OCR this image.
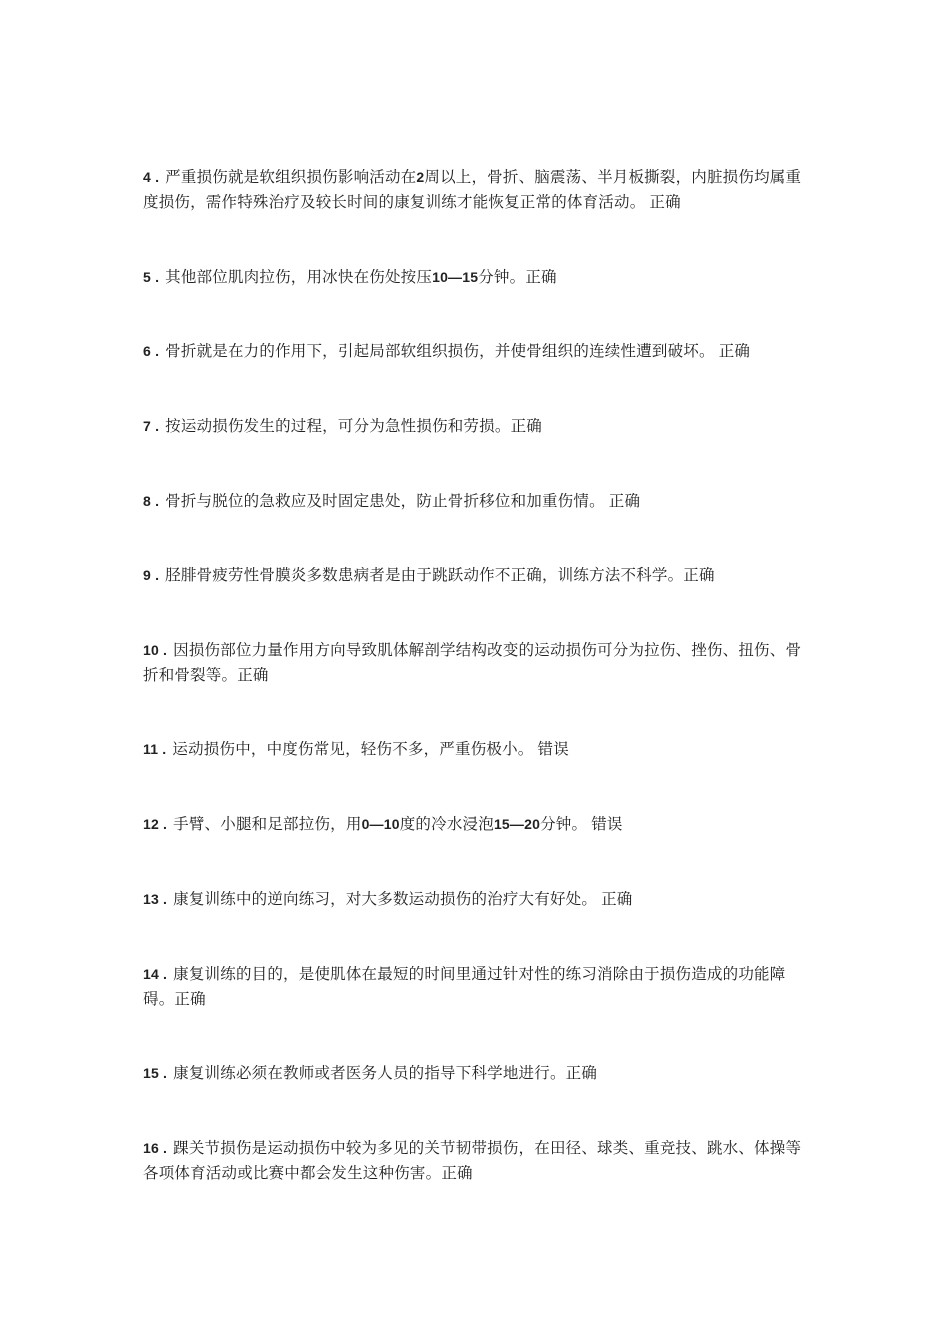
4 . 严重损伤就是软组织损伤影响活动在2周以上，骨折、脑震荡、半月板撕裂，内脏损伤均属重度损伤，需作特殊治疗及较长时间的康复训练才能恢复正常的体育活动。 正确
5 . 其他部位肌肉拉伤，用冰快在伤处按压10—15分钟。正确
6 . 骨折就是在力的作用下，引起局部软组织损伤，并使骨组织的连续性遭到破坏。 正确
7 . 按运动损伤发生的过程，可分为急性损伤和劳损。正确
8 . 骨折与脱位的急救应及时固定患处，防止骨折移位和加重伤情。 正确
9 . 胫腓骨疲劳性骨膜炎多数患病者是由于跳跃动作不正确，训练方法不科学。正确
10 . 因损伤部位力量作用方向导致肌体解剖学结构改变的运动损伤可分为拉伤、挫伤、扭伤、骨折和骨裂等。正确
11 . 运动损伤中，中度伤常见，轻伤不多，严重伤极小。 错误
12 . 手臂、小腿和足部拉伤，用0—10度的冷水浸泡15—20分钟。 错误
13 . 康复训练中的逆向练习，对大多数运动损伤的治疗大有好处。 正确
14 . 康复训练的目的，是使肌体在最短的时间里通过针对性的练习消除由于损伤造成的功能障碍。正确
15 . 康复训练必须在教师或者医务人员的指导下科学地进行。正确
16 . 踝关节损伤是运动损伤中较为多见的关节韧带损伤，在田径、球类、重竞技、跳水、体操等各项体育活动或比赛中都会发生这种伤害。正确
